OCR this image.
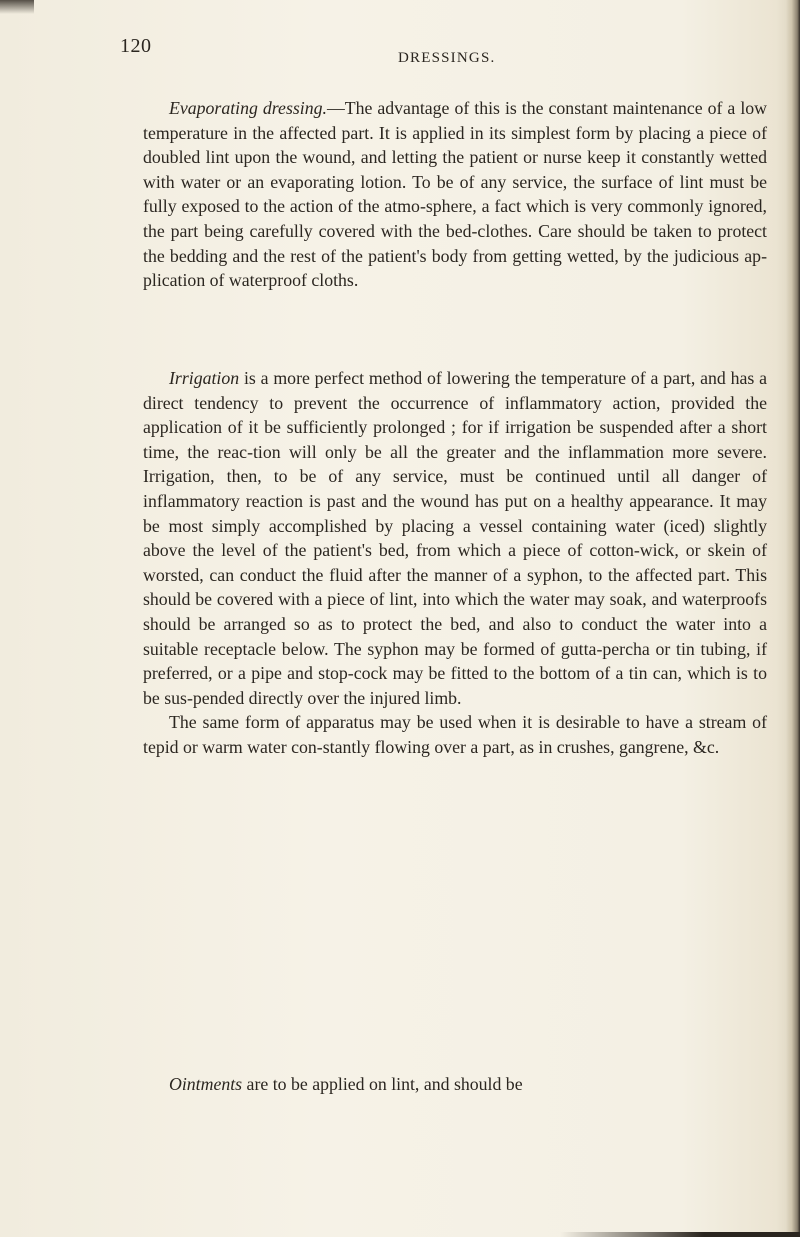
120
DRESSINGS.

Evaporating dressing.—The advantage of this is the constant maintenance of a low temperature in the affected part. It is applied in its simplest form by placing a piece of doubled lint upon the wound, and letting the patient or nurse keep it constantly wetted with water or an evaporating lotion. To be of any service, the surface of lint must be fully exposed to the action of the atmo-sphere, a fact which is very commonly ignored, the part being carefully covered with the bed-clothes. Care should be taken to protect the bedding and the rest of the patient's body from getting wetted, by the judicious ap-plication of waterproof cloths.

Irrigation is a more perfect method of lowering the temperature of a part, and has a direct tendency to prevent the occurrence of inflammatory action, provided the application of it be sufficiently prolonged ; for if irrigation be suspended after a short time, the reac-tion will only be all the greater and the inflammation more severe. Irrigation, then, to be of any service, must be continued until all danger of inflammatory reaction is past and the wound has put on a healthy appearance. It may be most simply accomplished by placing a vessel containing water (iced) slightly above the level of the patient's bed, from which a piece of cotton-wick, or skein of worsted, can conduct the fluid after the manner of a syphon, to the affected part. This should be covered with a piece of lint, into which the water may soak, and waterproofs should be arranged so as to protect the bed, and also to conduct the water into a suitable receptacle below. The syphon may be formed of gutta-percha or tin tubing, if preferred, or a pipe and stop-cock may be fitted to the bottom of a tin can, which is to be sus-pended directly over the injured limb.

The same form of apparatus may be used when it is desirable to have a stream of tepid or warm water con-stantly flowing over a part, as in crushes, gangrene, &c.

Ointments are to be applied on lint, and should be
